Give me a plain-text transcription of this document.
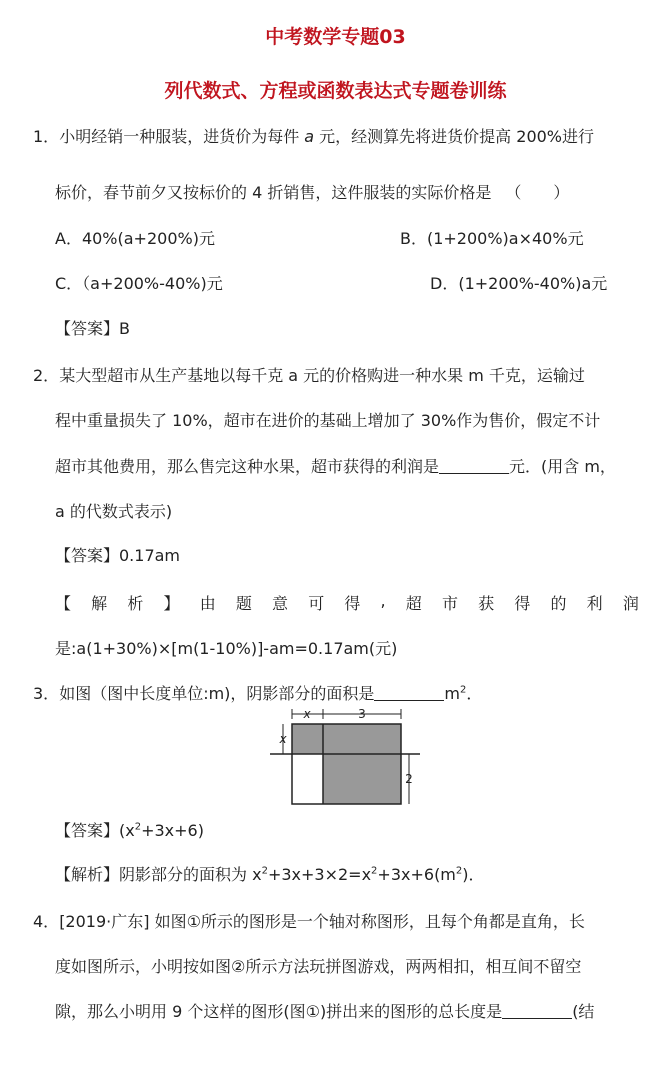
中考数学专题03
列代数式、方程或函数表达式专题卷训练
1．小明经销一种服装，进货价为每件 a 元，经测算先将进货价提高 200%进行
标价，春节前夕又按标价的 4 折销售，这件服装的实际价格是 （　　）
A．40%(a+200%)元	B．(1+200%)a×40%元
C．（a+200%-40%)元	D．(1+200%-40%)a元
【答案】B
2．某大型超市从生产基地以每千克 a 元的价格购进一种水果 m 千克，运输过
程中重量损失了 10%，超市在进价的基础上增加了 30%作为售价，假定不计
超市其他费用，那么售完这种水果，超市获得的利润是	元．(用含 m，
a 的代数式表示)
【答案】0.17am
【 解 析 】 由 题 意 可 得 , 超 市 获 得 的 利 润
是:a(1+30%)×[m(1-10%)]-am=0.17am(元)
3．如图（图中长度单位:m)，阴影部分的面积是	$m^2$．
x	3
x
2
【答案】$(x^2+3x+6)$
【解析】阴影部分的面积为 $x^2+3x+3\times 2=x^2+3x+6(m^2)$．
4．[2019·广东] 如图①所示的图形是一个轴对称图形，且每个角都是直角，长
度如图所示，小明按如图②所示方法玩拼图游戏，两两相扣，相互间不留空
隙，那么小明用 9 个这样的图形(图①)拼出来的图形的总长度是	(结
